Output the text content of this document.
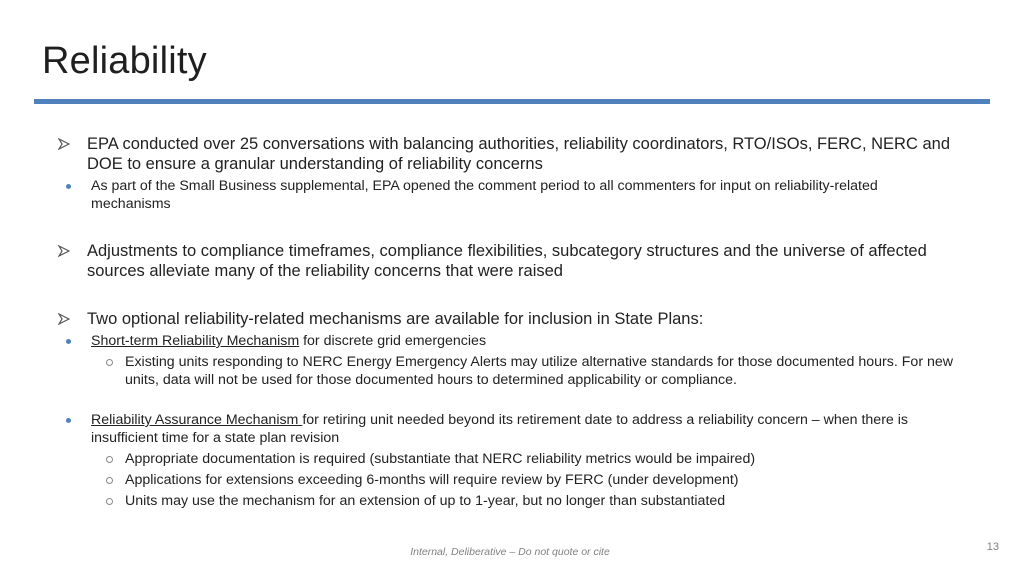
Reliability
EPA conducted over 25 conversations with balancing authorities, reliability coordinators, RTO/ISOs, FERC, NERC and DOE to ensure a granular understanding of reliability concerns
As part of the Small Business supplemental, EPA opened the comment period to all commenters for input on reliability-related mechanisms
Adjustments to compliance timeframes, compliance flexibilities, subcategory structures and the universe of affected sources alleviate many of the reliability concerns that were raised
Two optional reliability-related mechanisms are available for inclusion in State Plans:
Short-term Reliability Mechanism for discrete grid emergencies
Existing units responding to NERC Energy Emergency Alerts may utilize alternative standards for those documented hours. For new units, data will not be used for those documented hours to determined applicability or compliance.
Reliability Assurance Mechanism for retiring unit needed beyond its retirement date to address a reliability concern – when there is insufficient time for a state plan revision
Appropriate documentation is required (substantiate that NERC reliability metrics would be impaired)
Applications for extensions exceeding 6-months will require review by FERC (under development)
Units may use the mechanism for an extension of up to 1-year, but no longer than substantiated
Internal, Deliberative – Do not quote or cite	13
